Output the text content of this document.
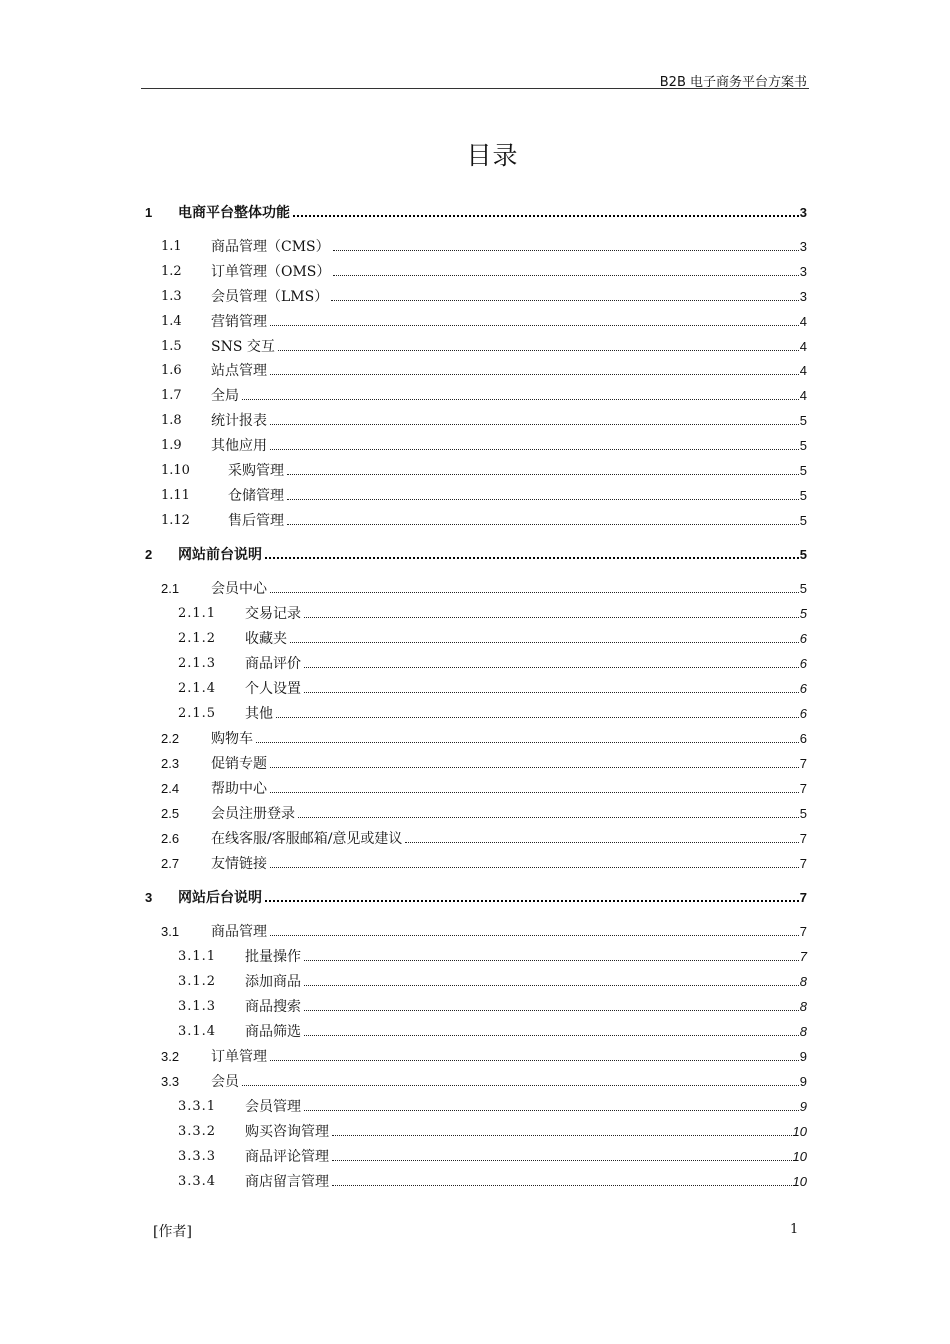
B2B 电子商务平台方案书
目录
1	电商平台整体功能	3
1.1	商品管理（CMS）	3
1.2	订单管理（OMS）	3
1.3	会员管理（LMS）	3
1.4	营销管理	4
1.5	SNS 交互	4
1.6	站点管理	4
1.7	全局	4
1.8	统计报表	5
1.9	其他应用	5
1.10	采购管理	5
1.11	仓储管理	5
1.12	售后管理	5
2	网站前台说明	5
2.1	会员中心	5
2.1.1	交易记录	5
2.1.2	收藏夹	6
2.1.3	商品评价	6
2.1.4	个人设置	6
2.1.5	其他	6
2.2	购物车	6
2.3	促销专题	7
2.4	帮助中心	7
2.5	会员注册登录	5
2.6	在线客服/客服邮箱/意见或建议	7
2.7	友情链接	7
3	网站后台说明	7
3.1	商品管理	7
3.1.1	批量操作	7
3.1.2	添加商品	8
3.1.3	商品搜索	8
3.1.4	商品筛选	8
3.2	订单管理	9
3.3	会员	9
3.3.1	会员管理	9
3.3.2	购买咨询管理	10
3.3.3	商品评论管理	10
3.3.4	商店留言管理	10
[作者]	1
